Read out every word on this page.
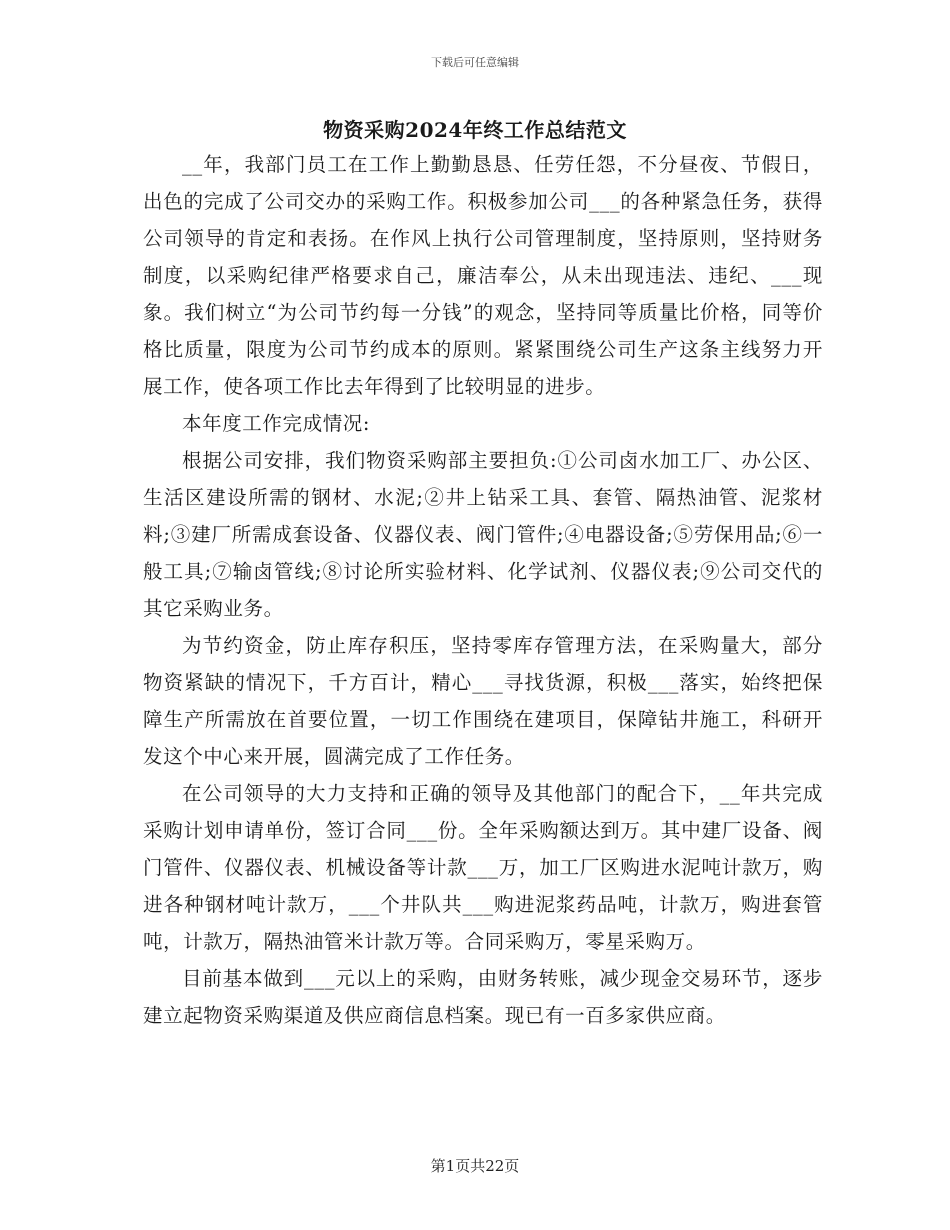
下载后可任意编辑
物资采购2024年终工作总结范文

__年，我部门员工在工作上勤勤恳恳、任劳任怨，不分昼夜、节假日，出色的完成了公司交办的采购工作。积极参加公司___的各种紧急任务，获得公司领导的肯定和表扬。在作风上执行公司管理制度，坚持原则，坚持财务制度，以采购纪律严格要求自己，廉洁奉公，从未出现违法、违纪、___现象。我们树立“为公司节约每一分钱”的观念，坚持同等质量比价格，同等价格比质量，限度为公司节约成本的原则。紧紧围绕公司生产这条主线努力开展工作，使各项工作比去年得到了比较明显的进步。

本年度工作完成情况:

根据公司安排，我们物资采购部主要担负:①公司卤水加工厂、办公区、生活区建设所需的钢材、水泥;②井上钻采工具、套管、隔热油管、泥浆材料;③建厂所需成套设备、仪器仪表、阀门管件;④电器设备;⑤劳保用品;⑥一般工具;⑦输卤管线;⑧讨论所实验材料、化学试剂、仪器仪表;⑨公司交代的其它采购业务。

为节约资金，防止库存积压，坚持零库存管理方法，在采购量大，部分物资紧缺的情况下，千方百计，精心___寻找货源，积极___落实，始终把保障生产所需放在首要位置，一切工作围绕在建项目，保障钻井施工，科研开发这个中心来开展，圆满完成了工作任务。

在公司领导的大力支持和正确的领导及其他部门的配合下，__年共完成采购计划申请单份，签订合同___份。全年采购额达到万。其中建厂设备、阀门管件、仪器仪表、机械设备等计款___万，加工厂区购进水泥吨计款万，购进各种钢材吨计款万，___个井队共___购进泥浆药品吨，计款万，购进套管吨，计款万，隔热油管米计款万等。合同采购万，零星采购万。

目前基本做到___元以上的采购，由财务转账，减少现金交易环节，逐步建立起物资采购渠道及供应商信息档案。现已有一百多家供应商。

第1页共22页
